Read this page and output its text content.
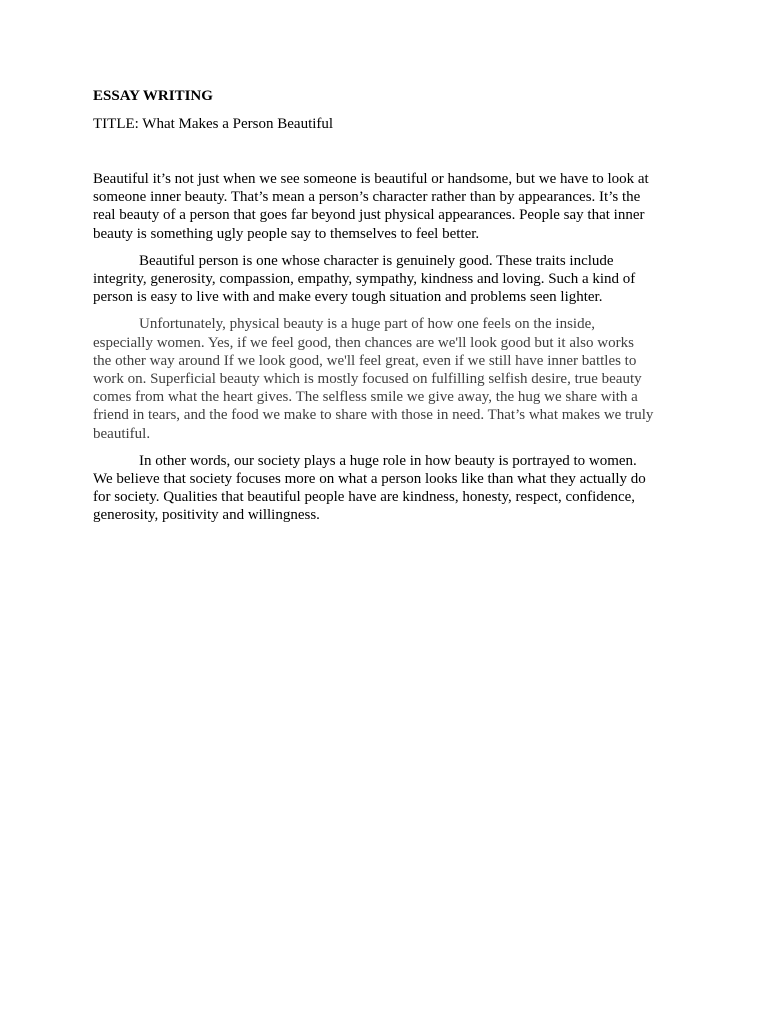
ESSAY WRITING
TITLE: What Makes a Person Beautiful

Beautiful it’s not just when we see someone is beautiful or handsome, but we have to look at
someone inner beauty. That’s mean a person’s character rather than by appearances. It’s the
real beauty of a person that goes far beyond just physical appearances. People say that inner
beauty is something ugly people say to themselves to feel better.

Beautiful person is one whose character is genuinely good. These traits include
integrity, generosity, compassion, empathy, sympathy, kindness and loving. Such a kind of
person is easy to live with and make every tough situation and problems seen lighter.

Unfortunately, physical beauty is a huge part of how one feels on the inside,
especially women. Yes, if we feel good, then chances are we'll look good but it also works
the other way around If we look good, we'll feel great, even if we still have inner battles to
work on. Superficial beauty which is mostly focused on fulfilling selfish desire, true beauty
comes from what the heart gives. The selfless smile we give away, the hug we share with a
friend in tears, and the food we make to share with those in need. That’s what makes we truly
beautiful.

In other words, our society plays a huge role in how beauty is portrayed to women.
We believe that society focuses more on what a person looks like than what they actually do
for society. Qualities that beautiful people have are kindness, honesty, respect, confidence,
generosity, positivity and willingness.
